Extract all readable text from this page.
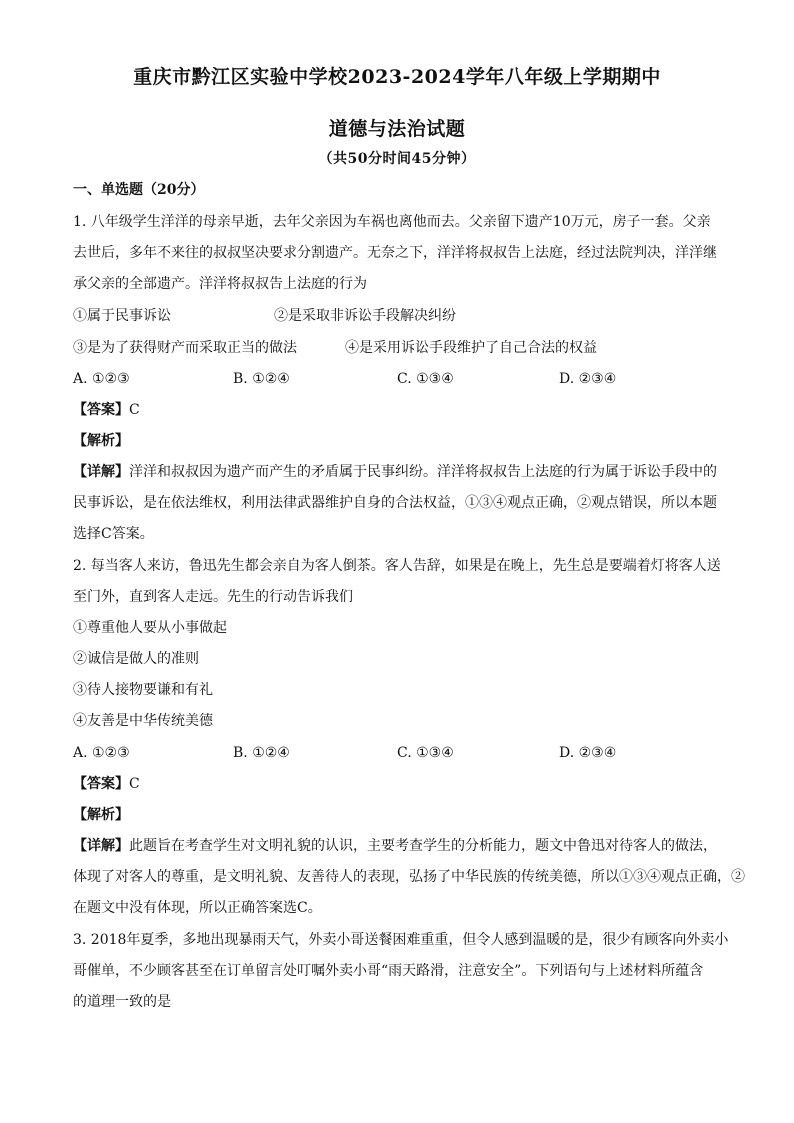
重庆市黔江区实验中学校2023-2024学年八年级上学期期中
道德与法治试题
（共50分时间45分钟）
一、单选题（20分）
1. 八年级学生洋洋的母亲早逝，去年父亲因为车祸也离他而去。父亲留下遗产10万元，房子一套。父亲
去世后，多年不来往的叔叔坚决要求分割遗产。无奈之下，洋洋将叔叔告上法庭，经过法院判决，洋洋继
承父亲的全部遗产。洋洋将叔叔告上法庭的行为
①属于民事诉讼	②是采取非诉讼手段解决纠纷
③是为了获得财产而采取正当的做法	④是采用诉讼手段维护了自己合法的权益
A. ①②③	B. ①②④	C. ①③④	D. ②③④
【答案】C
【解析】
【详解】洋洋和叔叔因为遗产而产生的矛盾属于民事纠纷。洋洋将叔叔告上法庭的行为属于诉讼手段中的
民事诉讼，是在依法维权，利用法律武器维护自身的合法权益，①③④观点正确，②观点错误，所以本题
选择C答案。
2. 每当客人来访，鲁迅先生都会亲自为客人倒茶。客人告辞，如果是在晚上，先生总是要端着灯将客人送
至门外，直到客人走远。先生的行动告诉我们
①尊重他人要从小事做起
②诚信是做人的准则
③待人接物要谦和有礼
④友善是中华传统美德
A. ①②③	B. ①②④	C. ①③④	D. ②③④
【答案】C
【解析】
【详解】此题旨在考查学生对文明礼貌的认识，主要考查学生的分析能力，题文中鲁迅对待客人的做法，
体现了对客人的尊重，是文明礼貌、友善待人的表现，弘扬了中华民族的传统美德，所以①③④观点正确，②
在题文中没有体现，所以正确答案选C。
3. 2018年夏季，多地出现暴雨天气，外卖小哥送餐困难重重，但令人感到温暖的是，很少有顾客向外卖小
哥催单，不少顾客甚至在订单留言处叮嘱外卖小哥“雨天路滑，注意安全”。下列语句与上述材料所蕴含
的道理一致的是
